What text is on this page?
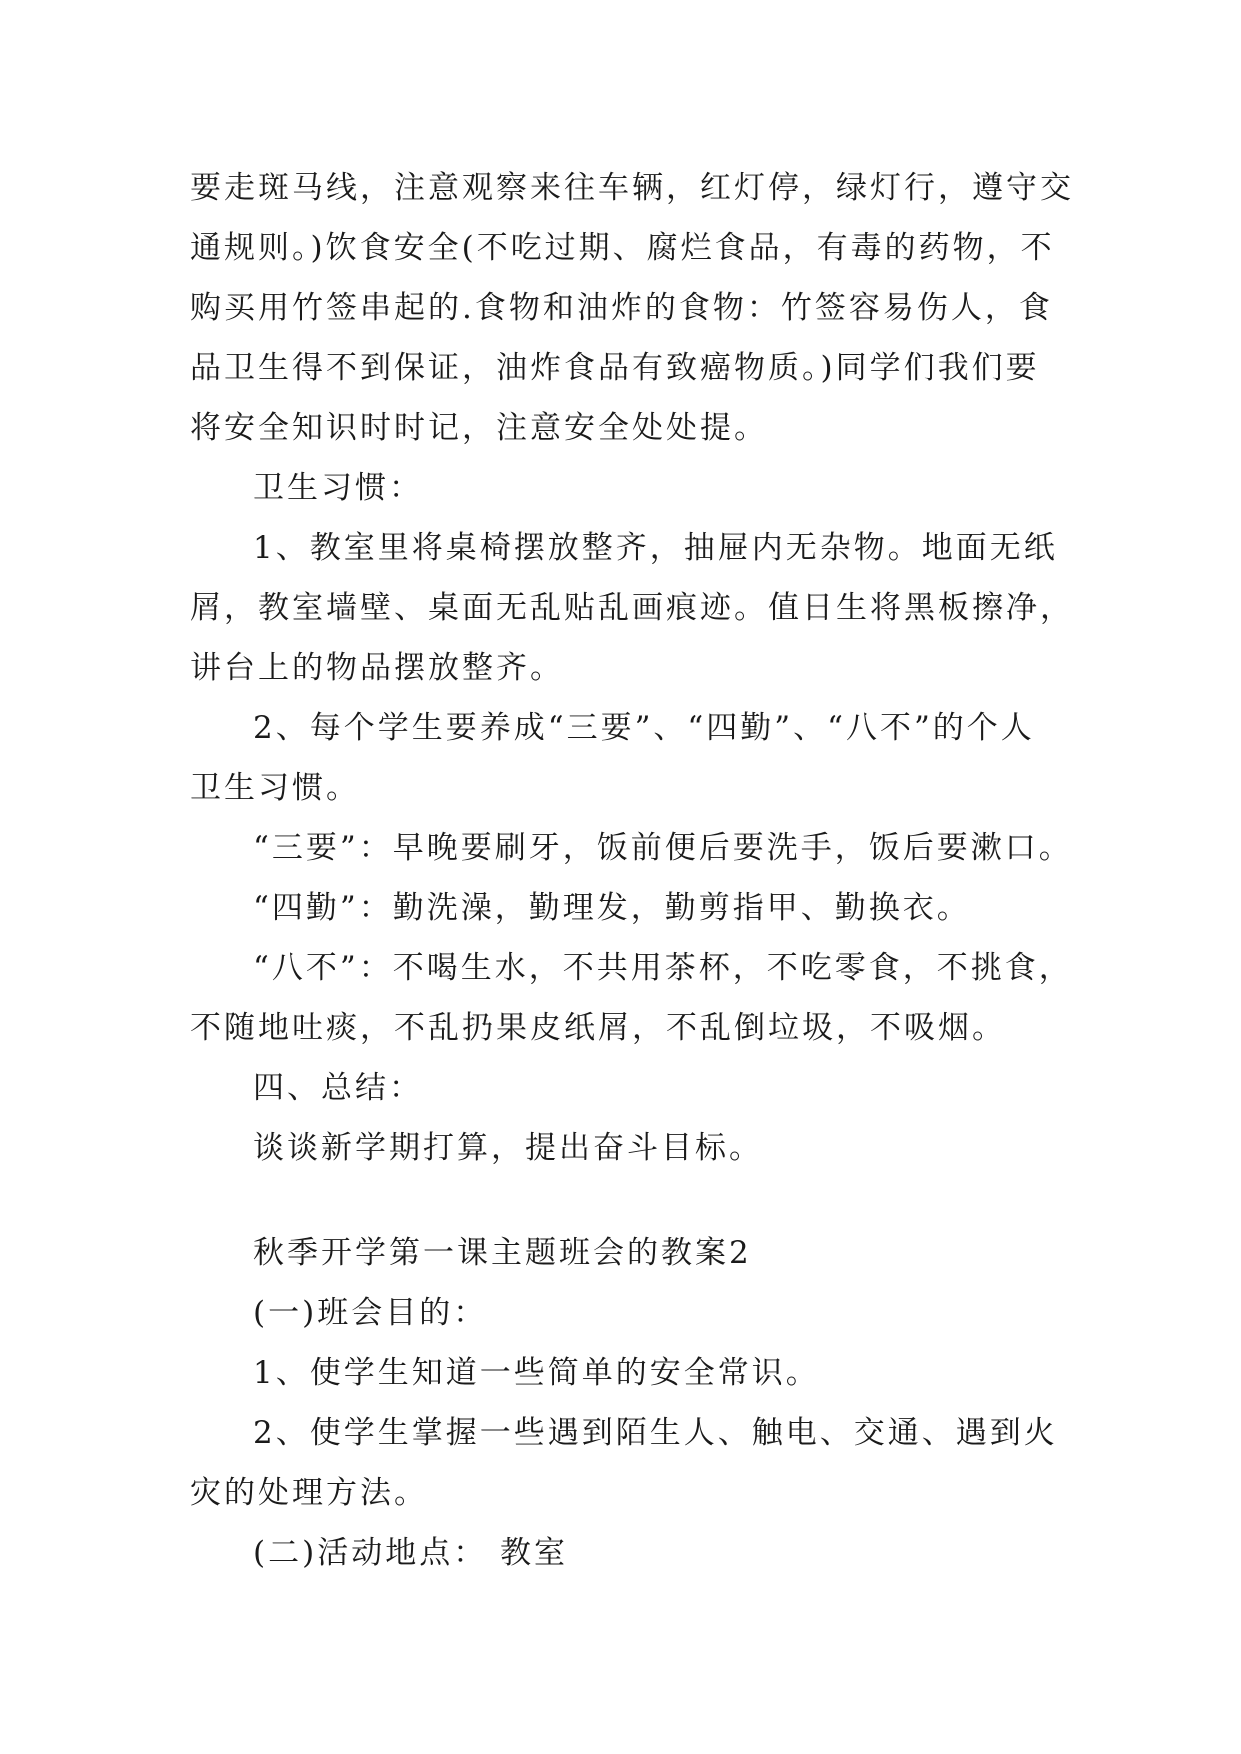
要走斑马线，注意观察来往车辆，红灯停，绿灯行，遵守交
通规则。)饮食安全(不吃过期、腐烂食品，有毒的药物，不
购买用竹签串起的.食物和油炸的食物：竹签容易伤人，食
品卫生得不到保证，油炸食品有致癌物质。)同学们我们要
将安全知识时时记，注意安全处处提。
卫生习惯：
1、教室里将桌椅摆放整齐，抽屉内无杂物。地面无纸
屑，教室墙壁、桌面无乱贴乱画痕迹。值日生将黑板擦净，
讲台上的物品摆放整齐。
2、每个学生要养成“三要”、“四勤”、“八不”的个人
卫生习惯。
“三要”：早晚要刷牙，饭前便后要洗手，饭后要漱口。
“四勤”：勤洗澡，勤理发，勤剪指甲、勤换衣。
“八不”：不喝生水，不共用茶杯，不吃零食，不挑食，
不随地吐痰，不乱扔果皮纸屑，不乱倒垃圾，不吸烟。
四、总结：
谈谈新学期打算，提出奋斗目标。
秋季开学第一课主题班会的教案2
(一)班会目的：
1、使学生知道一些简单的安全常识。
2、使学生掌握一些遇到陌生人、触电、交通、遇到火
灾的处理方法。
(二)活动地点： 教室
